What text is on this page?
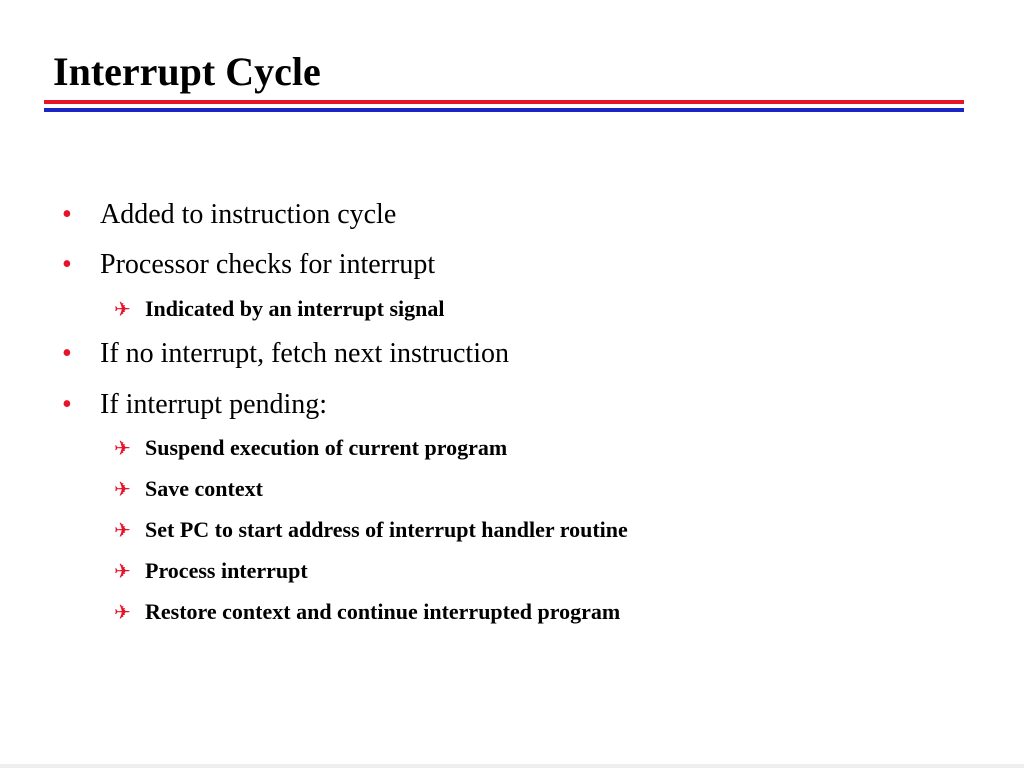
Interrupt Cycle
•	Added to instruction cycle
•	Processor checks for interrupt
✈ Indicated by an interrupt signal
•	If no interrupt, fetch next instruction
•	If interrupt pending:
✈ Suspend execution of current program
✈ Save context
✈ Set PC to start address of interrupt handler routine
✈ Process interrupt
✈ Restore context and continue interrupted program
